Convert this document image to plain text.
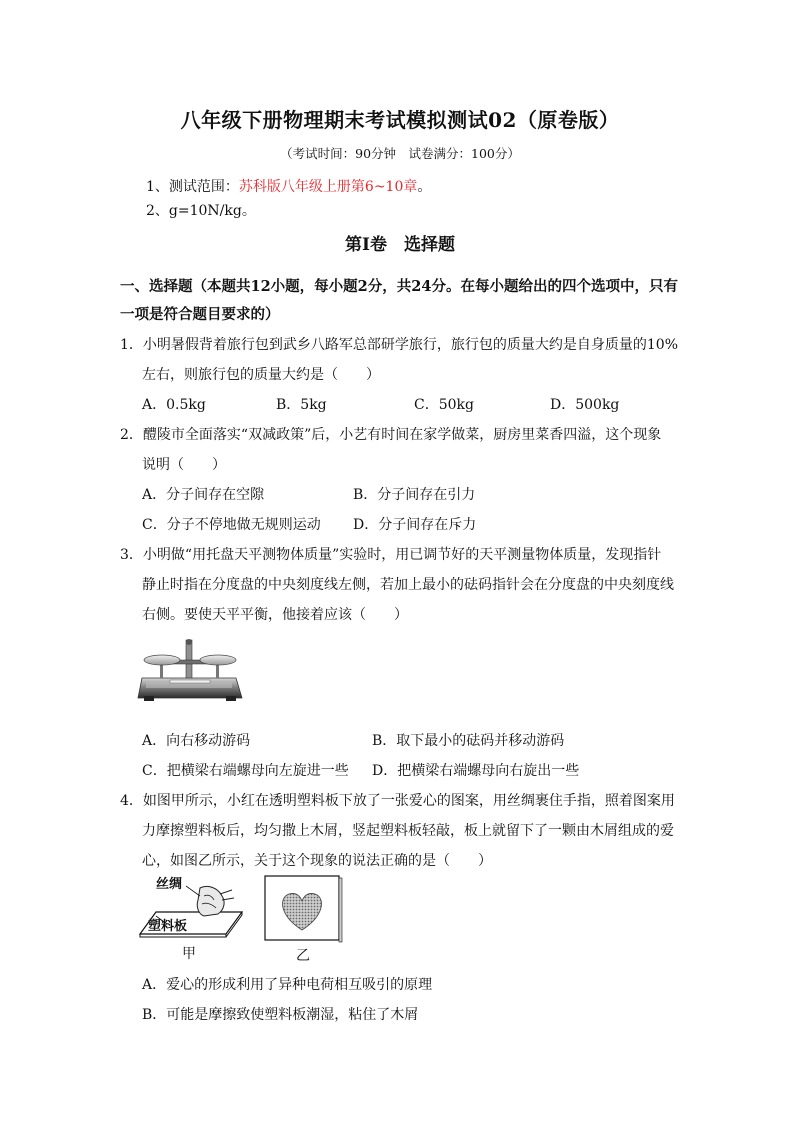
八年级下册物理期末考试模拟测试02（原卷版）
（考试时间：90分钟　试卷满分：100分）
1、测试范围：苏科版八年级上册第6~10章。
2、g=10N/kg。
第Ⅰ卷　选择题
一、选择题（本题共12小题，每小题2分，共24分。在每小题给出的四个选项中，只有
一项是符合题目要求的）
1．小明暑假背着旅行包到武乡八路军总部研学旅行，旅行包的质量大约是自身质量的10%
左右，则旅行包的质量大约是（　　）
A．0.5kg	B．5kg	C．50kg	D．500kg
2．醴陵市全面落实“双减政策”后，小艺有时间在家学做菜，厨房里菜香四溢，这个现象
说明（　　）
A．分子间存在空隙	B．分子间存在引力
C．分子不停地做无规则运动 D．分子间存在斥力
3．小明做“用托盘天平测物体质量”实验时，用已调节好的天平测量物体质量，发现指针
静止时指在分度盘的中央刻度线左侧，若加上最小的砝码指针会在分度盘的中央刻度线
右侧。要使天平平衡，他接着应该（　　）
A．向右移动游码	B．取下最小的砝码并移动游码
C．把横梁右端螺母向左旋进一些 D．把横梁右端螺母向右旋出一些
4．如图甲所示，小红在透明塑料板下放了一张爱心的图案，用丝绸裹住手指，照着图案用
力摩擦塑料板后，均匀撒上木屑，竖起塑料板轻敲，板上就留下了一颗由木屑组成的爱
心，如图乙所示，关于这个现象的说法正确的是（　　）
丝绸
塑料板
甲	乙
A．爱心的形成利用了异种电荷相互吸引的原理
B．可能是摩擦致使塑料板潮湿，粘住了木屑
